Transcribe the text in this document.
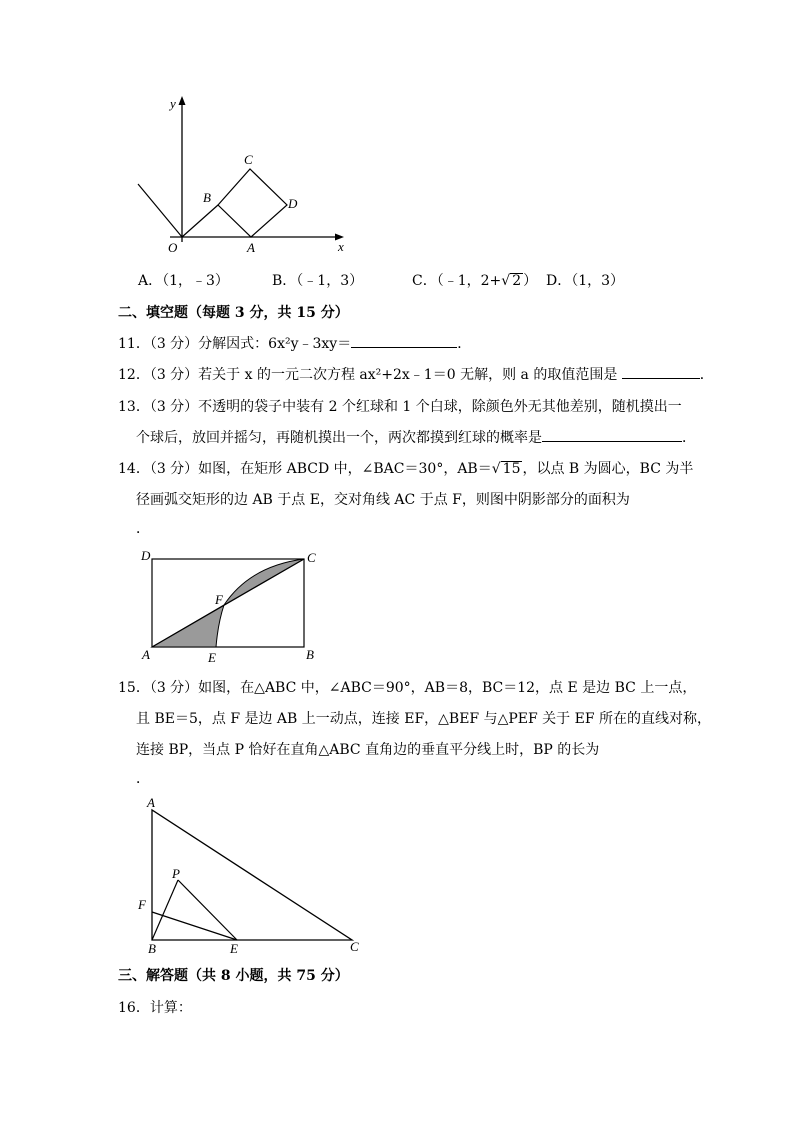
y
x
O	A
B
C
D
A．（1，﹣3）	B．（﹣1，3）	C．（﹣1，2+√ 2 ） D．（1，3）
二、填空题（每题 3 分，共 15 分）
11．（3 分）分解因式：6x²y﹣3xy＝	．
12．（3 分）若关于 x 的一元二次方程 ax²+2x﹣1＝0 无解，则 a 的取值范围是	．
13．（3 分）不透明的袋子中装有 2 个红球和 1 个白球，除颜色外无其他差别，随机摸出一
个球后，放回并摇匀，再随机摸出一个，两次都摸到红球的概率是	．
14．（3 分）如图，在矩形 ABCD 中，∠BAC＝30°，AB＝√ 15 ，以点 B 为圆心，BC 为半
径画弧交矩形的边 AB 于点 E，交对角线 AC 于点 F，则图中阴影部分的面积为
．
D	C
F
A	E	B
15．（3 分）如图，在△ABC 中，∠ABC＝90°，AB＝8，BC＝12，点 E 是边 BC 上一点，
且 BE＝5，点 F 是边 AB 上一动点，连接 EF，△BEF 与△PEF 关于 EF 所在的直线对称，
连接 BP，当点 P 恰好在直角△ABC 直角边的垂直平分线上时，BP 的长为
．
A
P
F
B	E	C
三、解答题（共 8 小题，共 75 分）
16．计算：
